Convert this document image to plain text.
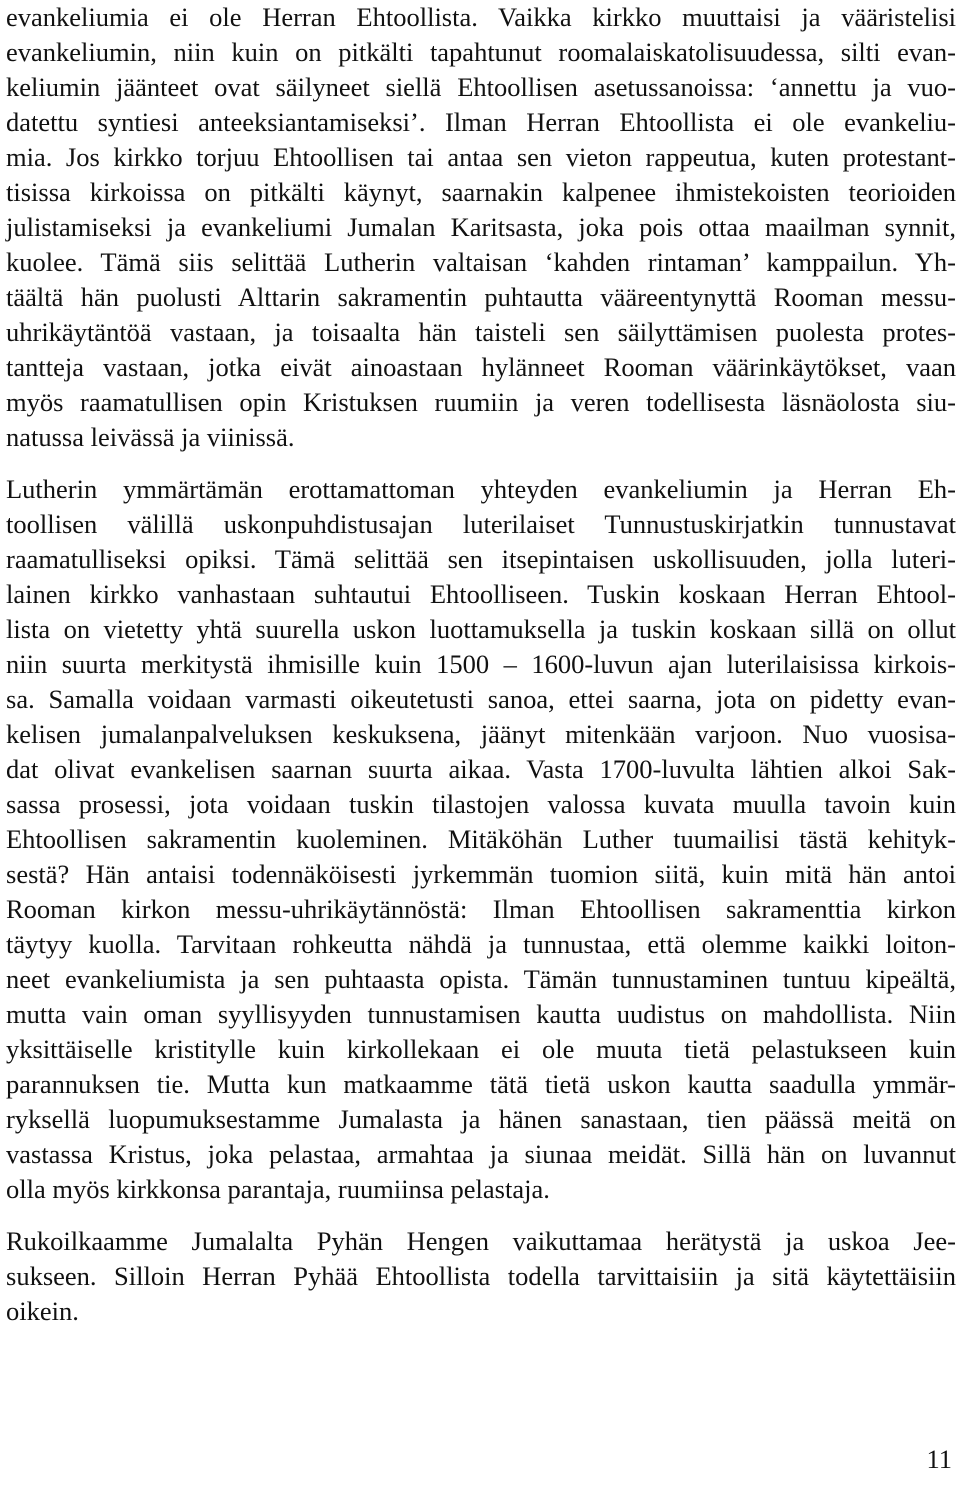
evankeliumia ei ole Herran Ehtoollista. Vaikka kirkko muuttaisi ja vääristelisi
evankeliumin, niin kuin on pitkälti tapahtunut roomalaiskatolisuudessa, silti evan-
keliumin jäänteet ovat säilyneet siellä Ehtoollisen asetussanoissa: ‘annettu ja vuo-
datettu syntiesi anteeksiantamiseksi’. Ilman Herran Ehtoollista ei ole evankeliu-
mia. Jos kirkko torjuu Ehtoollisen tai antaa sen vieton rappeutua, kuten protestant-
tisissa kirkoissa on pitkälti käynyt, saarnakin kalpenee ihmistekoisten teorioiden
julistamiseksi ja evankeliumi Jumalan Karitsasta, joka pois ottaa maailman synnit,
kuolee. Tämä siis selittää Lutherin valtaisan ‘kahden rintaman’ kamppailun. Yh-
täältä hän puolusti Alttarin sakramentin puhtautta vääreentynyttä Rooman messu-
uhrikäytäntöä vastaan, ja toisaalta hän taisteli sen säilyttämisen puolesta protes-
tantteja vastaan, jotka eivät ainoastaan hylänneet Rooman väärinkäytökset, vaan
myös raamatullisen opin Kristuksen ruumiin ja veren todellisesta läsnäolosta siu-
natussa leivässä ja viinissä.
Lutherin ymmärtämän erottamattoman yhteyden evankeliumin ja Herran Eh-
toollisen välillä uskonpuhdistusajan luterilaiset Tunnustuskirjatkin tunnustavat
raamatulliseksi opiksi. Tämä selittää sen itsepintaisen uskollisuuden, jolla luteri-
lainen kirkko vanhastaan suhtautui Ehtoolliseen. Tuskin koskaan Herran Ehtool-
lista on vietetty yhtä suurella uskon luottamuksella ja tuskin koskaan sillä on ollut
niin suurta merkitystä ihmisille kuin 1500 – 1600-luvun ajan luterilaisissa kirkois-
sa. Samalla voidaan varmasti oikeutetusti sanoa, ettei saarna, jota on pidetty evan-
kelisen jumalanpalveluksen keskuksena, jäänyt mitenkään varjoon. Nuo vuosisa-
dat olivat evankelisen saarnan suurta aikaa. Vasta 1700-luvulta lähtien alkoi Sak-
sassa prosessi, jota voidaan tuskin tilastojen valossa kuvata muulla tavoin kuin
Ehtoollisen sakramentin kuoleminen. Mitäköhän Luther tuumailisi tästä kehityk-
sestä? Hän antaisi todennäköisesti jyrkemmän tuomion siitä, kuin mitä hän antoi
Rooman kirkon messu-uhrikäytännöstä: Ilman Ehtoollisen sakramenttia kirkon
täytyy kuolla. Tarvitaan rohkeutta nähdä ja tunnustaa, että olemme kaikki loiton-
neet evankeliumista ja sen puhtaasta opista. Tämän tunnustaminen tuntuu kipeältä,
mutta vain oman syyllisyyden tunnustamisen kautta uudistus on mahdollista. Niin
yksittäiselle kristitylle kuin kirkollekaan ei ole muuta tietä pelastukseen kuin
parannuksen tie. Mutta kun matkaamme tätä tietä uskon kautta saadulla ymmär-
ryksellä luopumuksestamme Jumalasta ja hänen sanastaan, tien päässä meitä on
vastassa Kristus, joka pelastaa, armahtaa ja siunaa meidät. Sillä hän on luvannut
olla myös kirkkonsa parantaja, ruumiinsa pelastaja.
Rukoilkaamme Jumalalta Pyhän Hengen vaikuttamaa herätystä ja uskoa Jee-
sukseen. Silloin Herran Pyhää Ehtoollista todella tarvittaisiin ja sitä käytettäisiin
oikein.
11
